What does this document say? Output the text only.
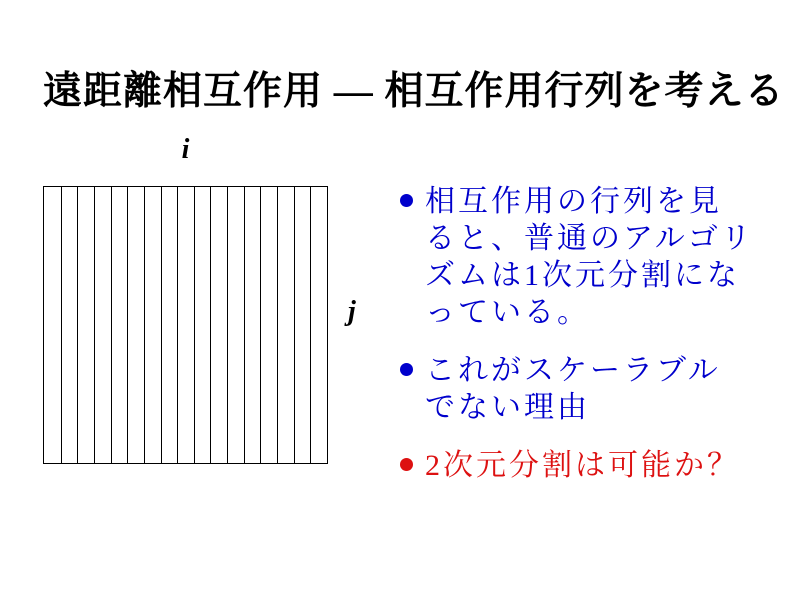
遠距離相互作用 — 相互作用行列を考える
i
j
相互作用の行列を見
ると、普通のアルゴリ
ズムは1次元分割にな
っている。
これがスケーラブル
でない理由
2次元分割は可能か？
